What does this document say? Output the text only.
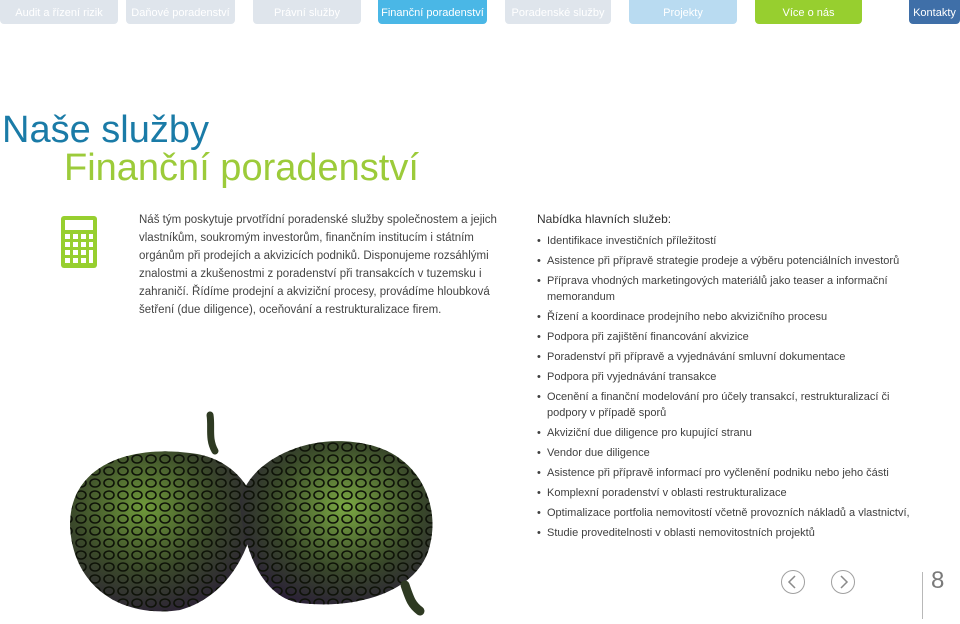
Audit a řízení rizik	Daňové poradenství	Právní služby	Finanční poradenství	Poradenské služby	Projekty	Více o nás	Kontakty
Naše služby
Finanční poradenství

Náš tým poskytuje prvotřídní poradenské služby společnostem a jejich vlastníkům, soukromým investorům, finančním institucím i státním orgánům při prodejích a akvizicích podniků. Disponujeme rozsáhlými znalostmi a zkušenostmi z poradenství při transakcích v tuzemsku i zahraničí. Řídíme prodejní a akviziční procesy, provádíme hloubková šetření (due diligence), oceňování a restrukturalizace firem.

Nabídka hlavních služeb:
• Identifikace investičních příležitostí
• Asistence při přípravě strategie prodeje a výběru potenciálních investorů
• Příprava vhodných marketingových materiálů jako teaser a informační memorandum
• Řízení a koordinace prodejního nebo akvizičního procesu
• Podpora při zajištění financování akvizice
• Poradenství při přípravě a vyjednávání smluvní dokumentace
• Podpora při vyjednávání transakce
• Ocenění a finanční modelování pro účely transakcí, restrukturalizací či podpory v případě sporů
• Akviziční due diligence pro kupující stranu
• Vendor due diligence
• Asistence při přípravě informací pro vyčlenění podniku nebo jeho části
• Komplexní poradenství v oblasti restrukturalizace
• Optimalizace portfolia nemovitostí včetně provozních nákladů a vlastnictví,
• Studie proveditelnosti v oblasti nemovitostních projektů
8
